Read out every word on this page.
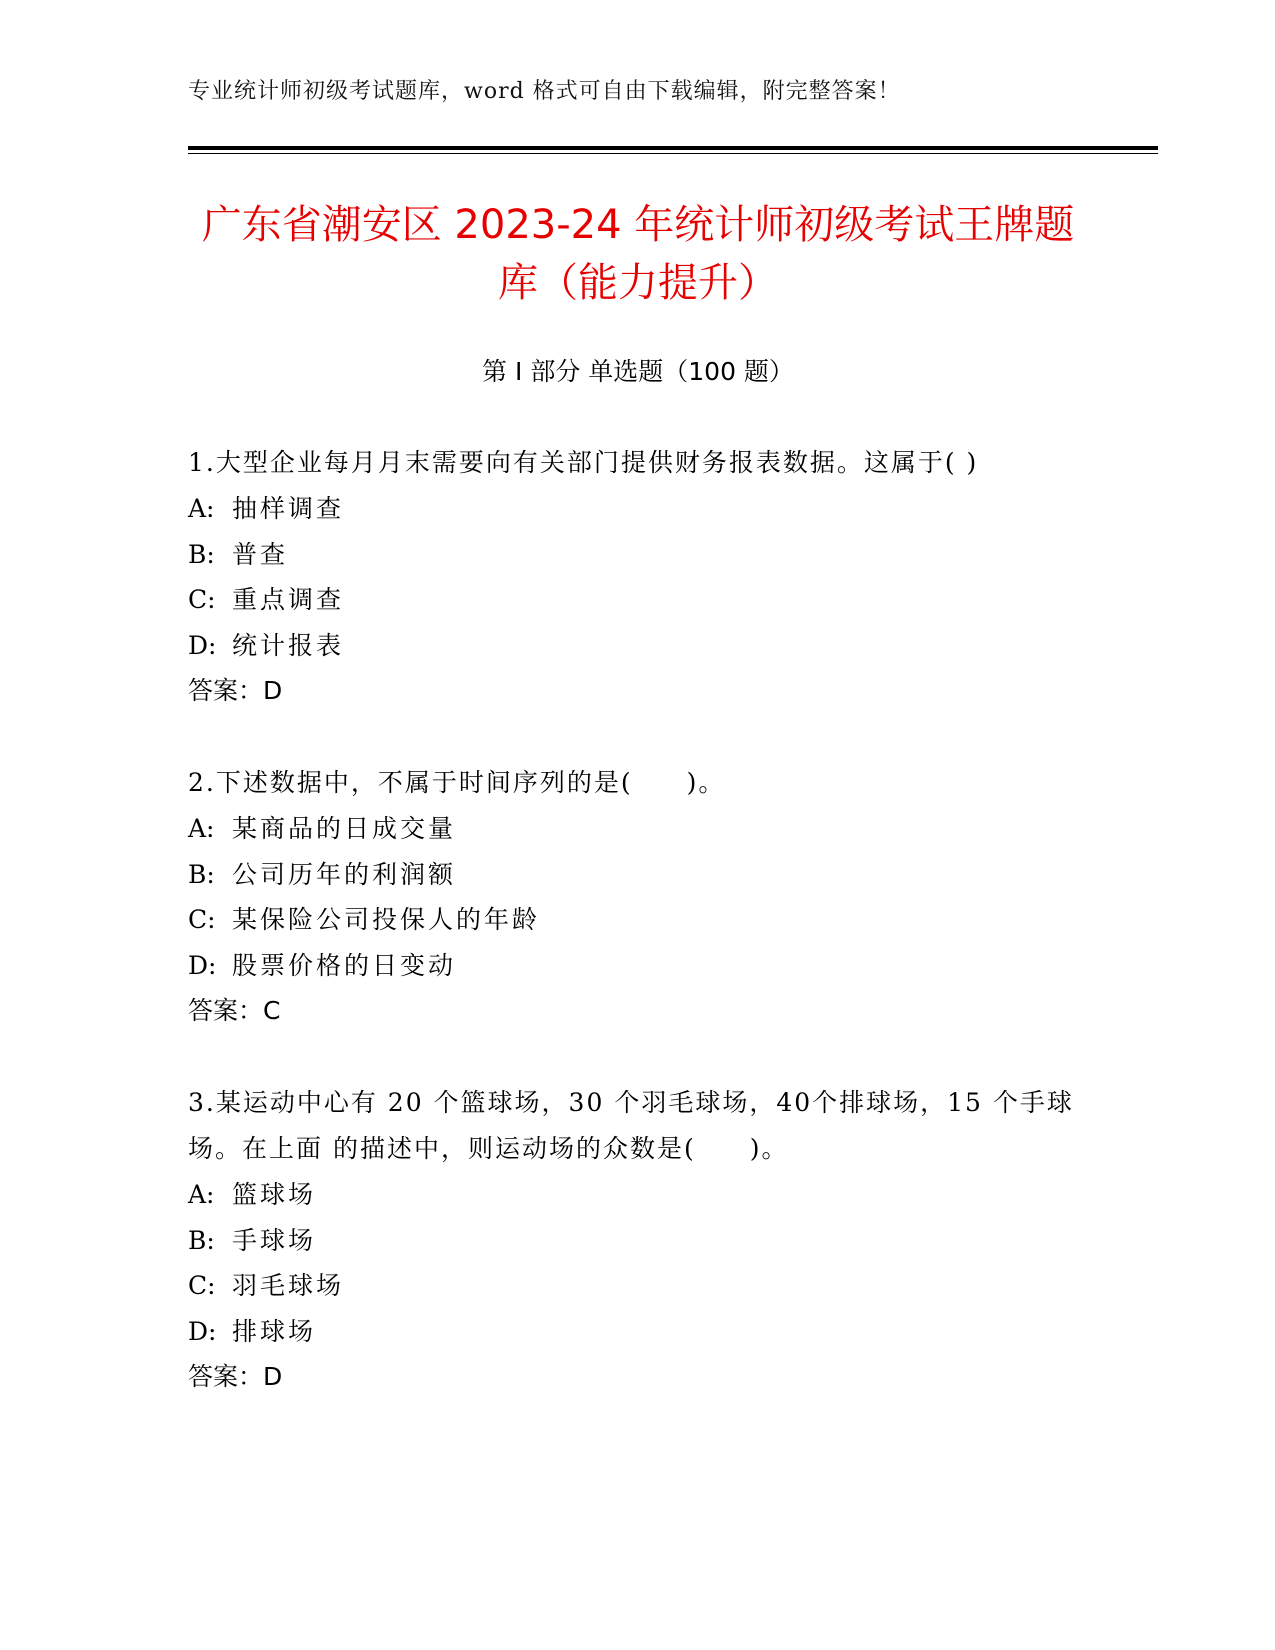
专业统计师初级考试题库，word 格式可自由下载编辑，附完整答案！
广东省潮安区 2023-24 年统计师初级考试王牌题库（能力提升）
第 I 部分 单选题（100 题）

1.大型企业每月月末需要向有关部门提供财务报表数据。这属于( )

A: 抽样调查

B: 普查

C: 重点调查

D: 统计报表

答案：D

2.下述数据中，不属于时间序列的是(　　)。

A: 某商品的日成交量

B: 公司历年的利润额

C: 某保险公司投保人的年龄

D: 股票价格的日变动

答案：C

3.某运动中心有 20 个篮球场，30 个羽毛球场，40个排球场，15 个手球场。在上面 的描述中，则运动场的众数是(　　)。

A: 篮球场

B: 手球场

C: 羽毛球场

D: 排球场

答案：D
